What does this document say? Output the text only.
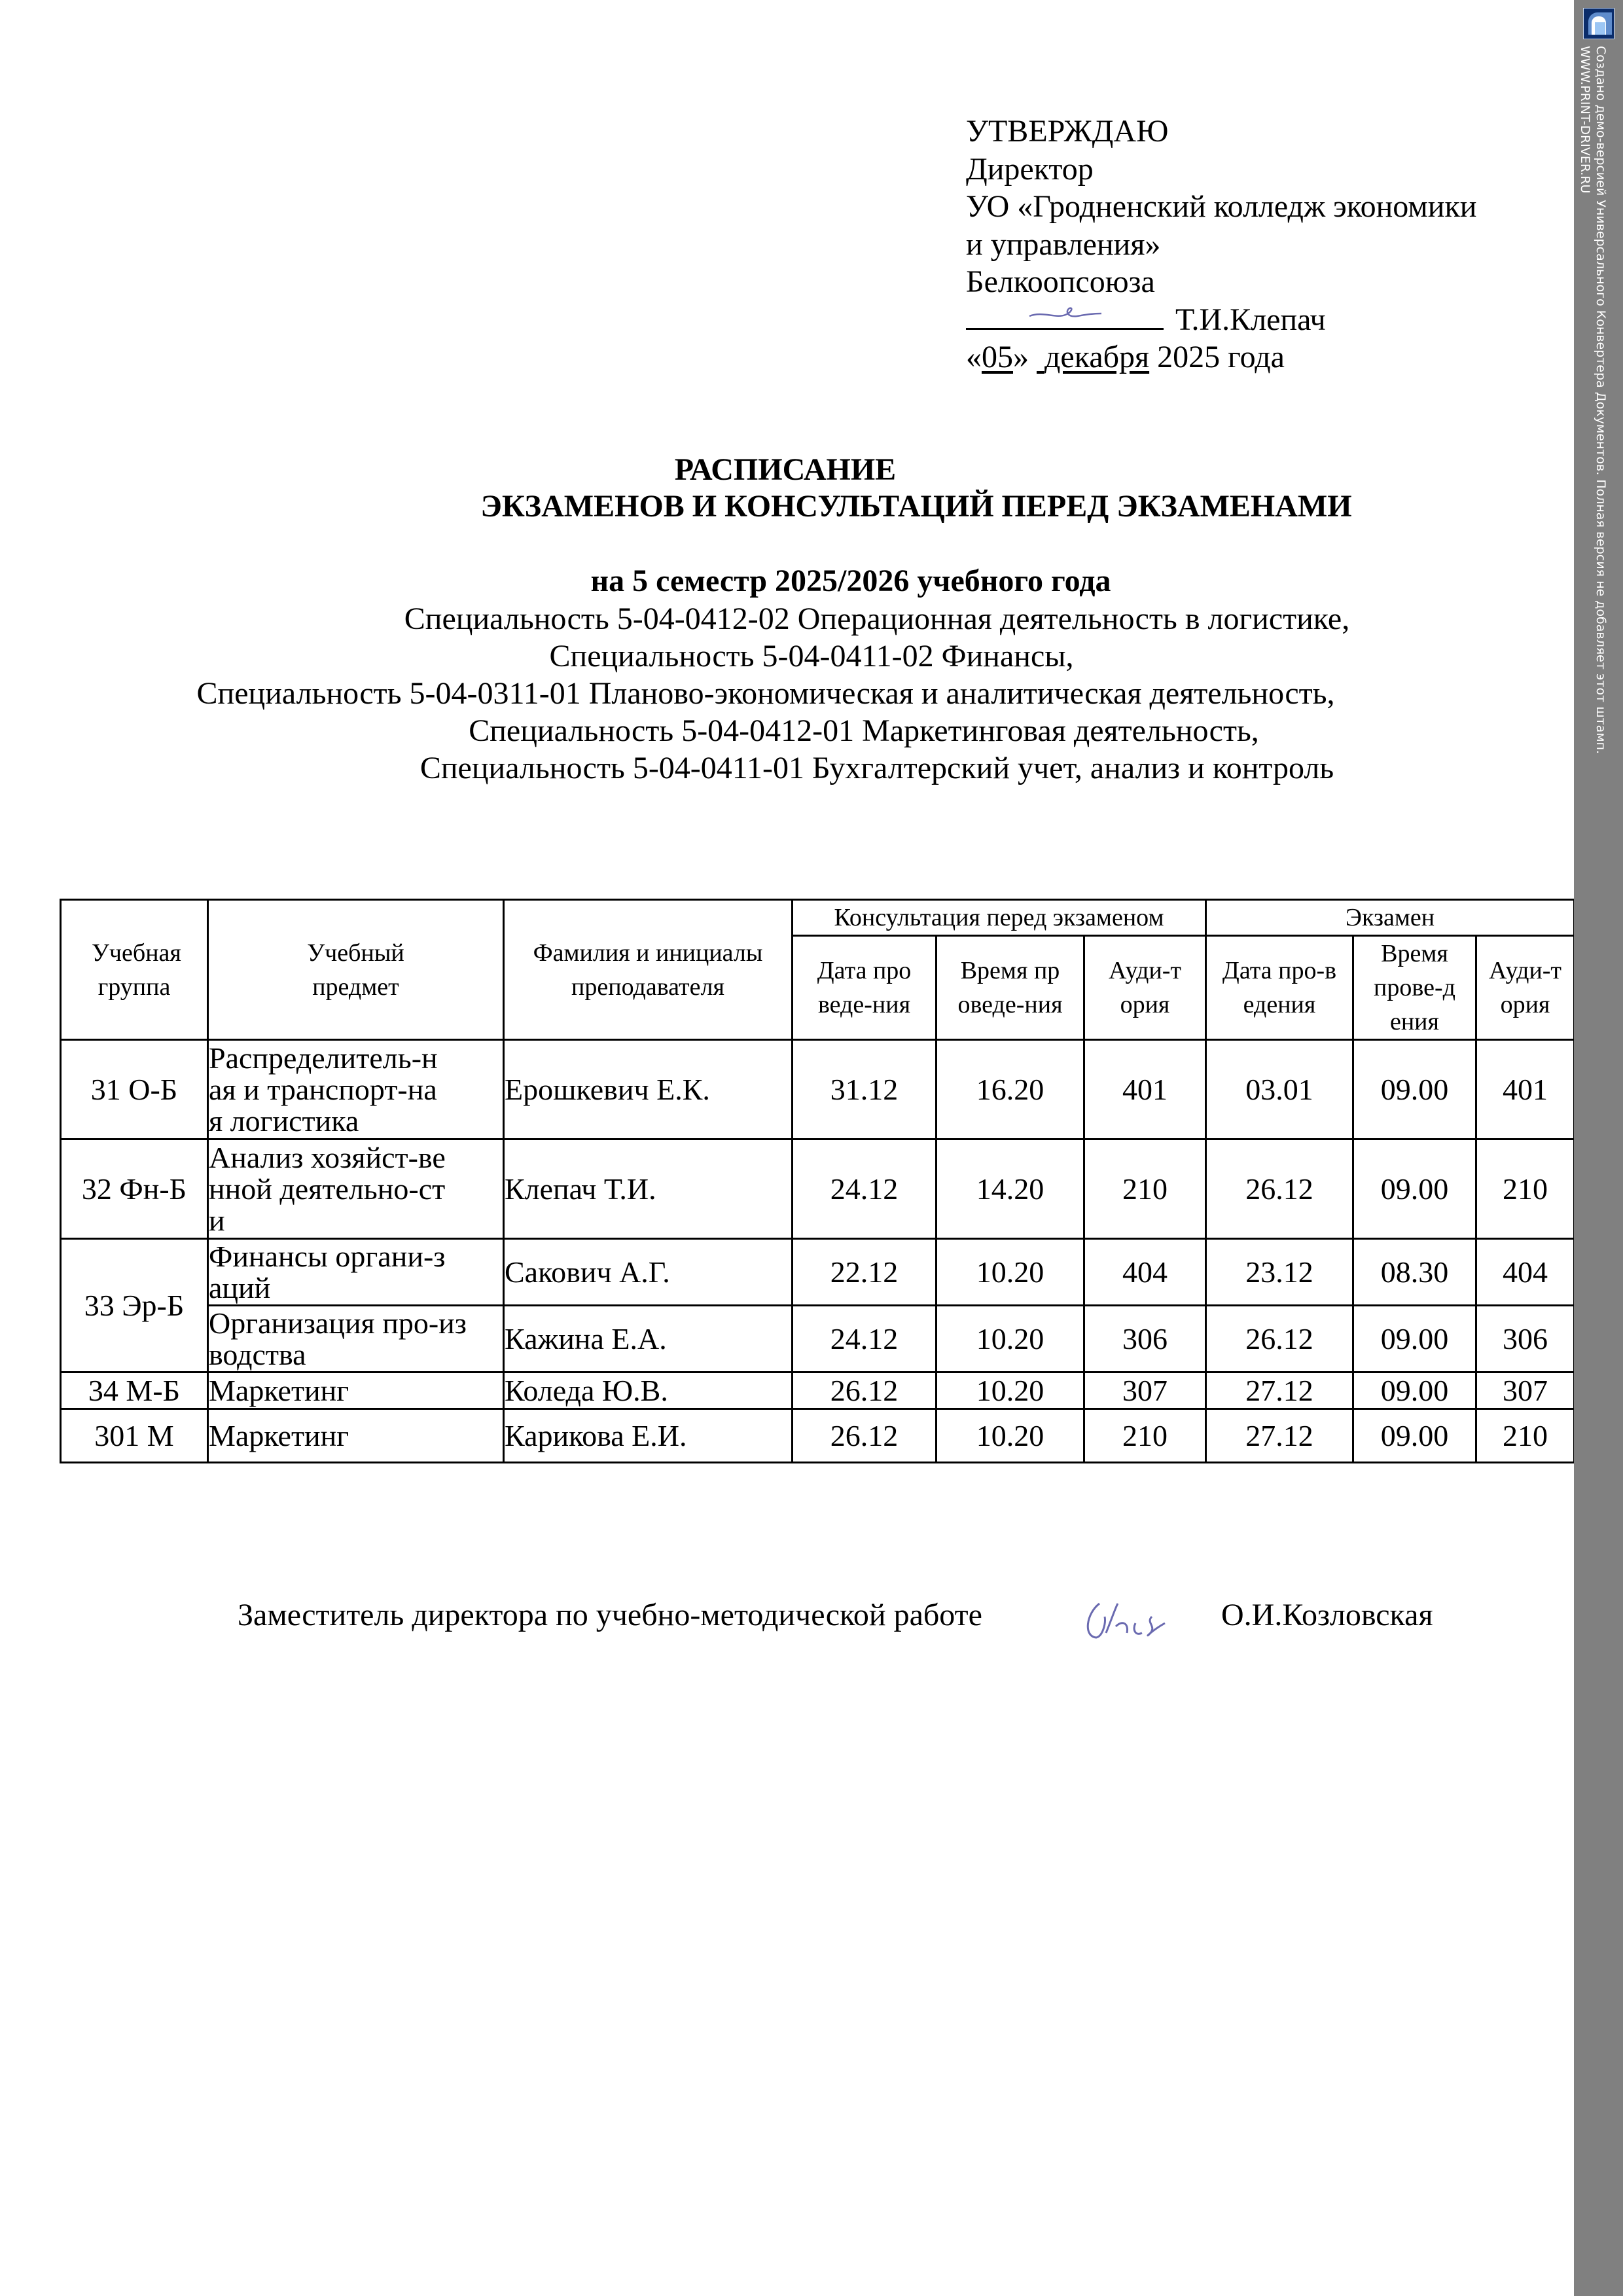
УТВЕРЖДАЮ
Директор
УО «Гродненский колледж экономики
и управления»
Белкоопсоюза
Т.И.Клепач
«05» декабря 2025 года
РАСПИСАНИЕ
ЭКЗАМЕНОВ И КОНСУЛЬТАЦИЙ ПЕРЕД ЭКЗАМЕНАМИ
на 5 семестр 2025/2026 учебного года
Специальность 5-04-0412-02 Операционная деятельность в логистике,
Специальность 5-04-0411-02 Финансы,
Специальность 5-04-0311-01 Планово-экономическая и аналитическая деятельность,
Специальность 5-04-0412-01 Маркетинговая деятельность,
Специальность 5-04-0411-01 Бухгалтерский учет, анализ и контроль
Учебная группа	Учебный предмет	Фамилия и инициалы преподавателя	Консультация перед экзаменом			Экзамен		
			Дата проведе-ния	Время проведе-ния	Ауди-тория	Дата про-ведения	Время прове-дения	Ауди-тория
31 О-Б	Распределитель-ная и транспорт-ная логистика	Ерошкевич Е.К.	31.12	16.20	401	03.01	09.00	401
32 Фн-Б	Анализ хозяйст-венной деятельно-сти	Клепач Т.И.	24.12	14.20	210	26.12	09.00	210
33 Эр-Б	Финансы органи-заций	Сакович А.Г.	22.12	10.20	404	23.12	08.30	404
	Организация про-изводства	Кажина Е.А.	24.12	10.20	306	26.12	09.00	306
34 М-Б	Маркетинг	Коледа Ю.В.	26.12	10.20	307	27.12	09.00	307
301 М	Маркетинг	Карикова Е.И.	26.12	10.20	210	27.12	09.00	210
Заместитель директора по учебно-методической работе	О.И.Козловская
Создано демо-версией Универсального Конвертера Документов. Полная версия не добавляет этот штамп.
WWW.PRINT-DRIVER.RU
